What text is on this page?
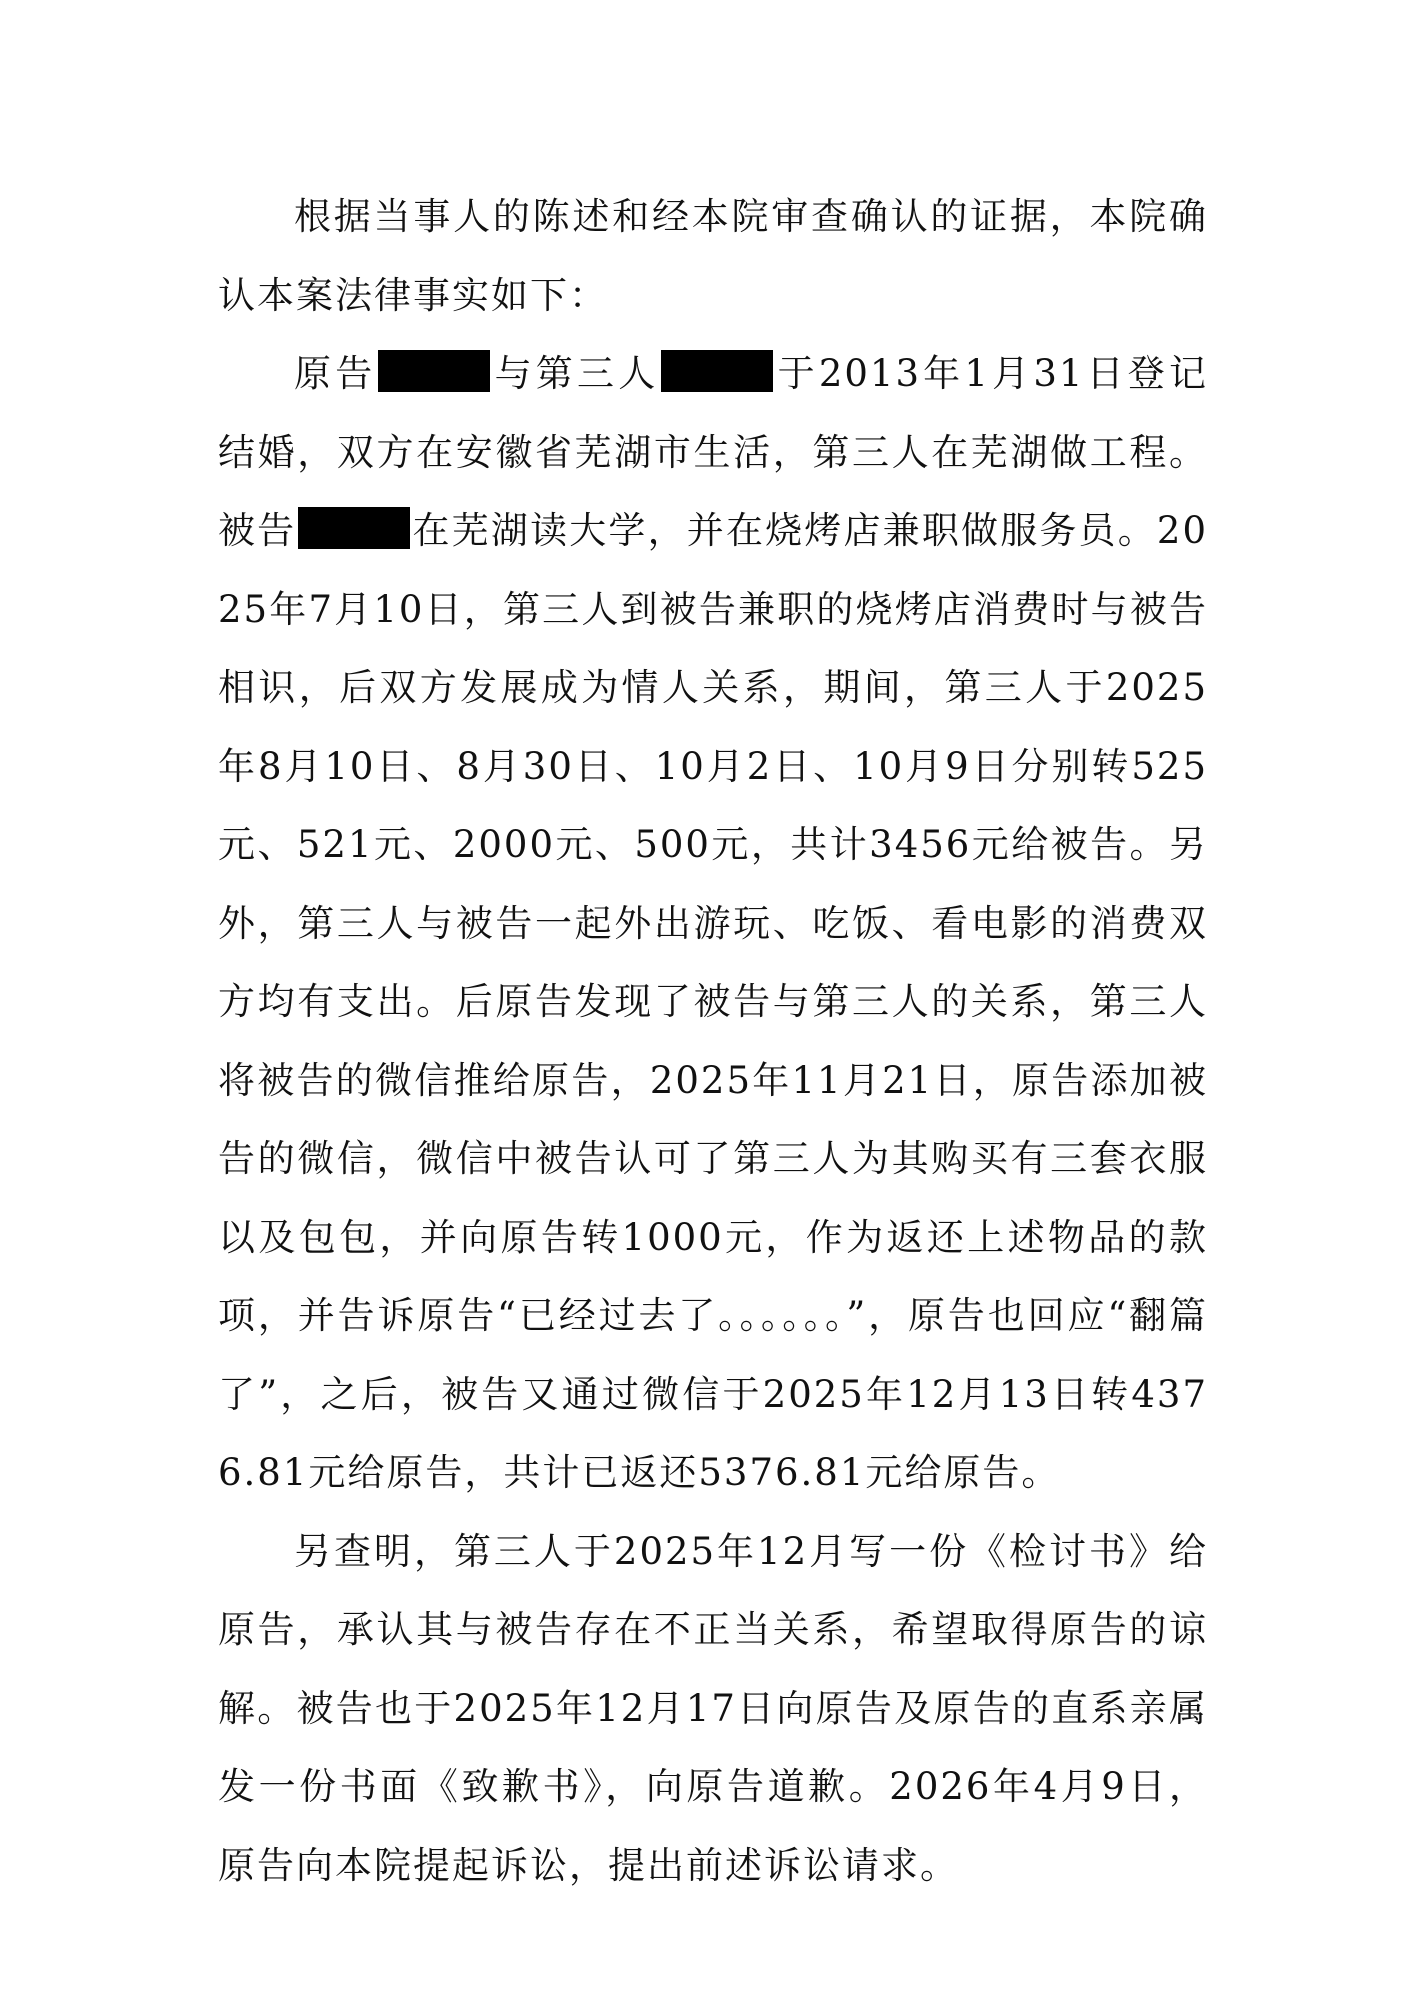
根据当事人的陈述和经本院审查确认的证据，本院确认本案法律事实如下：

原告	与第三人	于2013年1月31日登记结婚，双方在安徽省芜湖市生活，第三人在芜湖做工程。被告	在芜湖读大学，并在烧烤店兼职做服务员。2025年7月10日，第三人到被告兼职的烧烤店消费时与被告相识，后双方发展成为情人关系，期间，第三人于2025年8月10日、8月30日、10月2日、10月9日分别转525元、521元、2000元、500元，共计3456元给被告。另外，第三人与被告一起外出游玩、吃饭、看电影的消费双方均有支出。后原告发现了被告与第三人的关系，第三人将被告的微信推给原告，2025年11月21日，原告添加被告的微信，微信中被告认可了第三人为其购买有三套衣服以及包包，并向原告转1000元，作为返还上述物品的款项，并告诉原告“已经过去了。。。。。。”，原告也回应“翻篇了”，之后，被告又通过微信于2025年12月13日转4376.81元给原告，共计已返还5376.81元给原告。

另查明，第三人于2025年12月写一份《检讨书》给原告，承认其与被告存在不正当关系，希望取得原告的谅解。被告也于2025年12月17日向原告及原告的直系亲属发一份书面《致歉书》，向原告道歉。2026年4月9日，原告向本院提起诉讼，提出前述诉讼请求。
